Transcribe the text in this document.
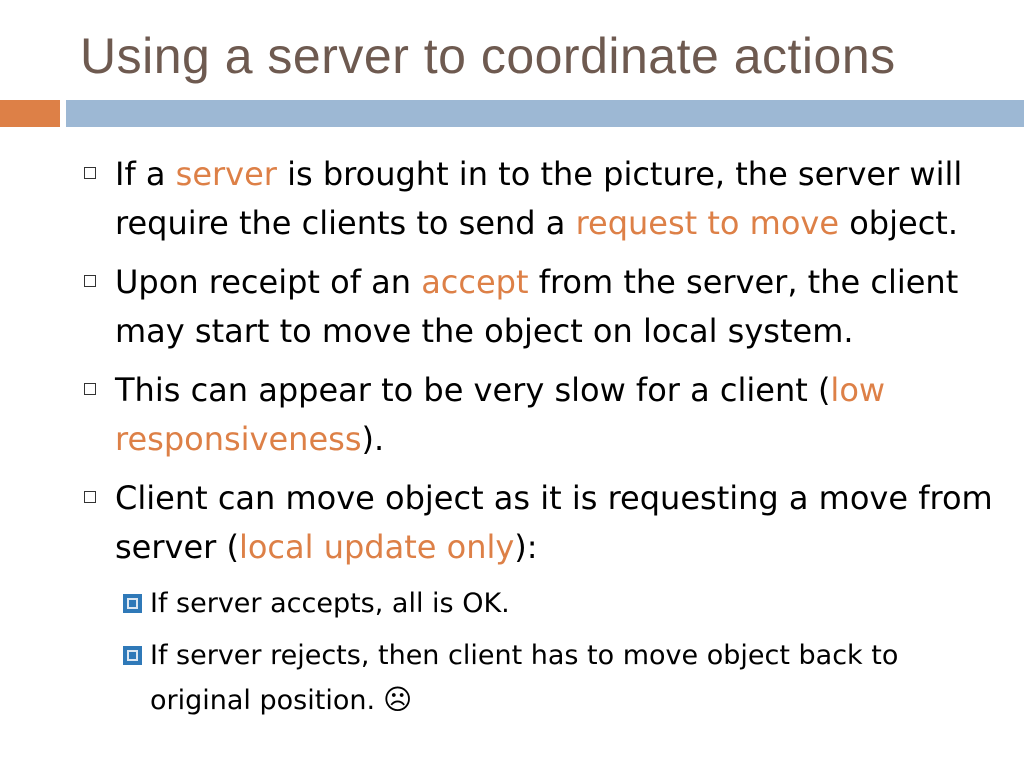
Using a server to coordinate actions
If a server is brought in to the picture, the server will require the clients to send a request to move object.
Upon receipt of an accept from the server, the client may start to move the object on local system.
This can appear to be very slow for a client (low responsiveness).
Client can move object as it is requesting a move from server (local update only):
If server accepts, all is OK.
If server rejects, then client has to move object back to original position. ☹
